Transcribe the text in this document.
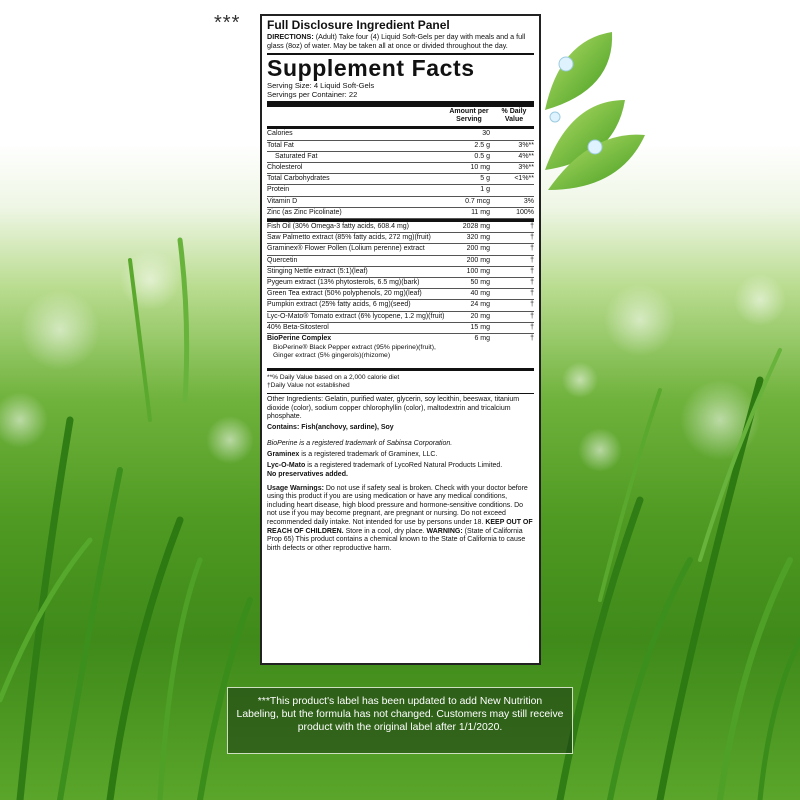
*** Full Disclosure Ingredient Panel
DIRECTIONS: (Adult) Take four (4) Liquid Soft-Gels per day with meals and a full glass (8oz) of water. May be taken all at once or divided throughout the day.
Supplement Facts
Serving Size: 4 Liquid Soft-Gels
Servings per Container: 22
Amount per Serving
% Daily Value
Calories	30
Total Fat	2.5 g	3%**
Saturated Fat	0.5 g	4%**
Cholesterol	10 mg	3%**
Total Carbohydrates	5 g	<1%**
Protein	1 g
Vitamin D	0.7 mcg	3%
Zinc (as Zinc Picolinate)	11 mg	100%
Fish Oil (30% Omega-3 fatty acids, 608.4 mg)	2028 mg	†
Saw Palmetto extract (85% fatty acids, 272 mg)(fruit)	320 mg	†
Graminex® Flower Pollen (Lolium perenne) extract	200 mg	†
Quercetin	200 mg	†
Stinging Nettle extract (5:1)(leaf)	100 mg	†
Pygeum extract (13% phytosterols, 6.5 mg)(bark)	50 mg	†
Green Tea extract (50% polyphenols, 20 mg)(leaf)	40 mg	†
Pumpkin extract (25% fatty acids, 6 mg)(seed)	24 mg	†
Lyc-O-Mato® Tomato extract (6% lycopene, 1.2 mg)(fruit)	20 mg	†
40% Beta-Sitosterol	15 mg	†
BioPerine Complex	6 mg	†
BioPerine® Black Pepper extract (95% piperine)(fruit),
Ginger extract (5% gingerols)(rhizome)
**% Daily Value based on a 2,000 calorie diet
†Daily Value not established
Other Ingredients: Gelatin, purified water, glycerin, soy lecithin, beeswax, titanium dioxide (color), sodium copper chlorophyllin (color), maltodextrin and tricalcium phosphate.
Contains: Fish(anchovy, sardine), Soy
BioPerine is a registered trademark of Sabinsa Corporation.
Graminex is a registered trademark of Graminex, LLC.
Lyc-O-Mato is a registered trademark of LycoRed Natural Products Limited.
No preservatives added.
Usage Warnings: Do not use if safety seal is broken. Check with your doctor before using this product if you are using medication or have any medical conditions, including heart disease, high blood pressure and hormone-sensitive conditions. Do not use if you may become pregnant, are pregnant or nursing. Do not exceed recommended daily intake. Not intended for use by persons under 18. KEEP OUT OF REACH OF CHILDREN. Store in a cool, dry place. WARNING: (State of California Prop 65) This product contains a chemical known to the State of California to cause birth defects or other reproductive harm.
***This product's label has been updated to add New Nutrition Labeling, but the formula has not changed. Customers may still receive product with the original label after 1/1/2020.
